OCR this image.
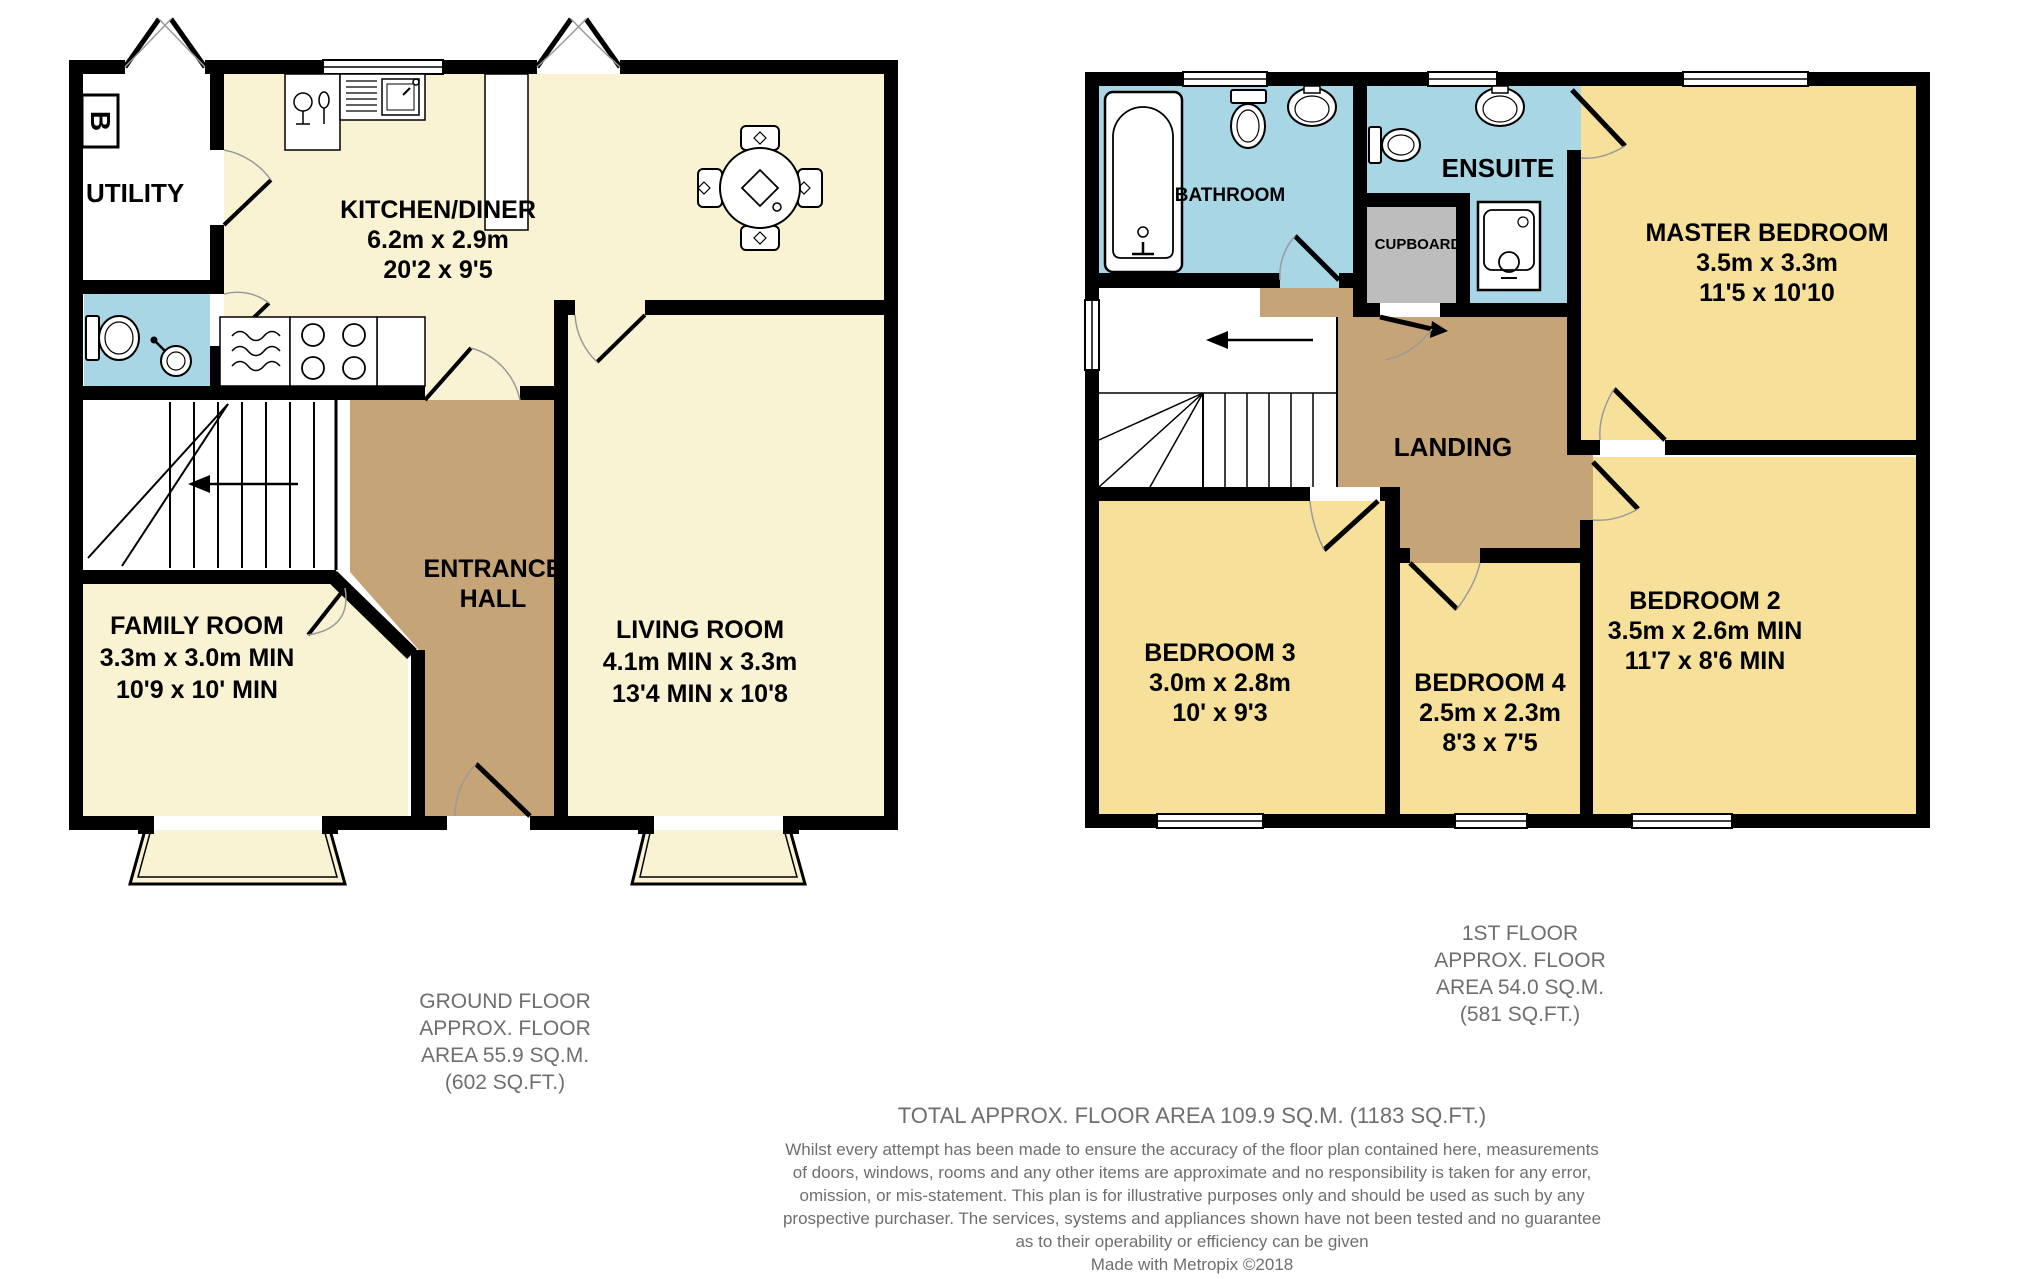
B
UTILITY
KITCHEN/DINER
6.2m x 2.9m
20'2 x 9'5
ENTRANCE
HALL
FAMILY ROOM
3.3m x 3.0m MIN
10'9 x 10' MIN
LIVING ROOM
4.1m MIN x 3.3m
13'4 MIN x 10'8
BATHROOM
ENSUITE
CUPBOARD	MASTER BEDROOM
3.5m x 3.3m
11'5 x 10'10
LANDING
BEDROOM 3
3.0m x 2.8m
10' x 9'3
BEDROOM 4
2.5m x 2.3m
8'3 x 7'5
BEDROOM 2
3.5m x 2.6m MIN
11'7 x 8'6 MIN
GROUND FLOOR
APPROX. FLOOR
AREA 55.9 SQ.M.
(602 SQ.FT.)
1ST FLOOR
APPROX. FLOOR
AREA 54.0 SQ.M.
(581 SQ.FT.)
TOTAL APPROX. FLOOR AREA 109.9 SQ.M. (1183 SQ.FT.)
Whilst every attempt has been made to ensure the accuracy of the floor plan contained here, measurements
of doors, windows, rooms and any other items are approximate and no responsibility is taken for any error,
omission, or mis-statement. This plan is for illustrative purposes only and should be used as such by any
prospective purchaser. The services, systems and appliances shown have not been tested and no guarantee
as to their operability or efficiency can be given
Made with Metropix ©2018
